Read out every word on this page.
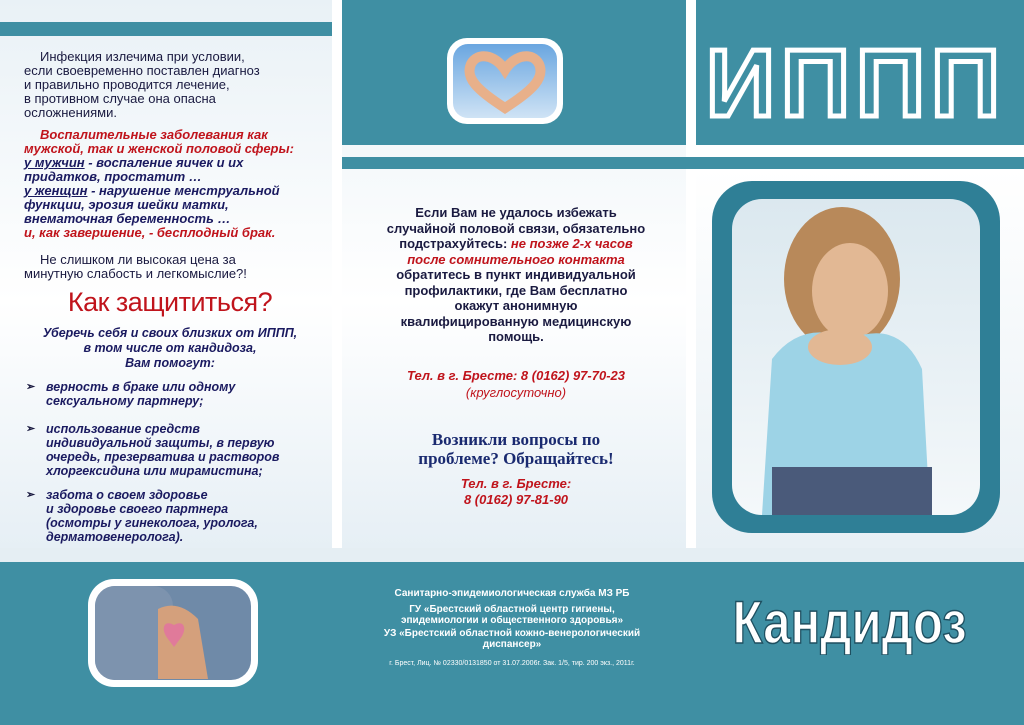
Инфекция излечима при условии,
если своевременно поставлен диагноз
и правильно проводится лечение,
в противном случае она опасна
осложнениями.
Воспалительные заболевания как
мужской, так и женской половой сферы:
у мужчин - воспаление яичек и их
придатков, простатит …
у женщин - нарушение менструальной
функции, эрозия шейки матки,
внематочная беременность …
и, как завершение, - бесплодный брак.
Не слишком ли высокая цена за
минутную слабость и легкомыслие?!
Как защититься?
Уберечь себя и своих близких от ИППП,
в том числе от кандидоза,
Вам помогут:
➢ верность в браке или одному
сексуальному партнеру;
➢ использование средств
индивидуальной защиты, в первую
очередь, презерватива и растворов
хлоргексидина или мирамистина;
➢ забота о своем здоровье
и здоровье своего партнера
(осмотры у гинеколога, уролога,
дерматовенеролога).
Если Вам не удалось избежать
случайной половой связи, обязательно
подстрахуйтесь: не позже 2-х часов
после сомнительного контакта
обратитесь в пункт индивидуальной
профилактики, где Вам бесплатно
окажут анонимную
квалифицированную медицинскую
помощь.
Тел. в г. Бресте: 8 (0162) 97-70-23
(круглосуточно)
Возникли вопросы по
проблеме? Обращайтесь!
Тел. в г. Бресте:
8 (0162) 97-81-90
ИППП
Санитарно-эпидемиологическая служба МЗ РБ
ГУ «Брестский областной центр гигиены,
эпидемиологии и общественного здоровья»
УЗ «Брестский областной кожно-венерологический
диспансер»
г. Брест, Лиц. № 02330/0131850 от 31.07.2006г. Зак. 1/5, тир. 200 экз., 2011г.
Кандидоз
